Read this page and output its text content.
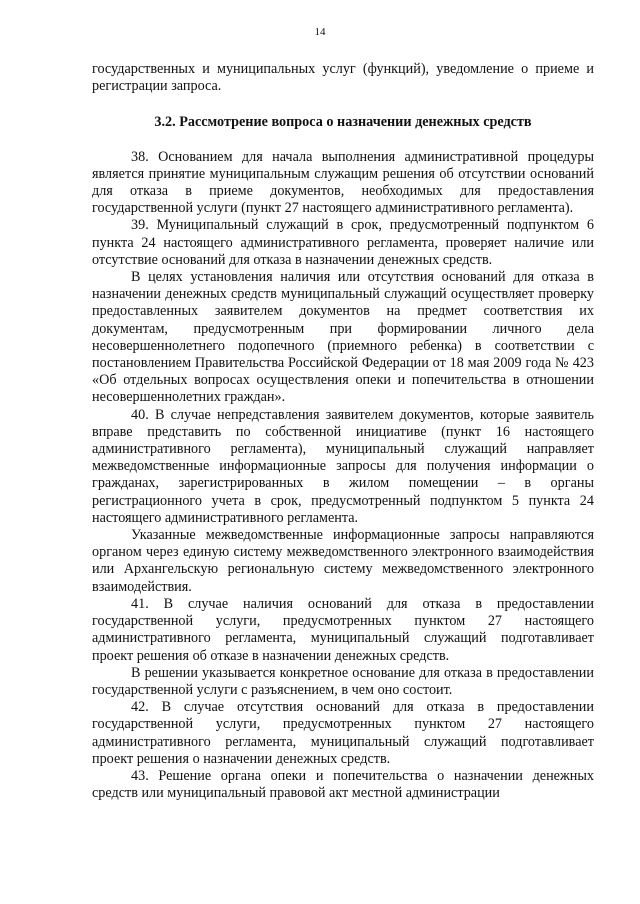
14

государственных и муниципальных услуг (функций), уведомление о приеме и регистрации запроса.

3.2. Рассмотрение вопроса о назначении денежных средств

38. Основанием для начала выполнения административной процедуры является принятие муниципальным служащим решения об отсутствии оснований для отказа в приеме документов, необходимых для предоставления государственной услуги (пункт 27 настоящего административного регламента).

39. Муниципальный служащий в срок, предусмотренный подпунктом 6 пункта 24 настоящего административного регламента, проверяет наличие или отсутствие оснований для отказа в назначении денежных средств.

В целях установления наличия или отсутствия оснований для отказа в назначении денежных средств муниципальный служащий осуществляет проверку предоставленных заявителем документов на предмет соответствия их документам, предусмотренным при формировании личного дела несовершеннолетнего подопечного (приемного ребенка) в соответствии с постановлением Правительства Российской Федерации от 18 мая 2009 года № 423 «Об отдельных вопросах осуществления опеки и попечительства в отношении несовершеннолетних граждан».

40. В случае непредставления заявителем документов, которые заявитель вправе представить по собственной инициативе (пункт 16 настоящего административного регламента), муниципальный служащий направляет межведомственные информационные запросы для получения информации о гражданах, зарегистрированных в жилом помещении – в органы регистрационного учета в срок, предусмотренный подпунктом 5 пункта 24 настоящего административного регламента.

Указанные межведомственные информационные запросы направляются органом через единую систему межведомственного электронного взаимодействия или Архангельскую региональную систему межведомственного электронного взаимодействия.

41. В случае наличия оснований для отказа в предоставлении государственной услуги, предусмотренных пунктом 27 настоящего административного регламента, муниципальный служащий подготавливает проект решения об отказе в назначении денежных средств.

В решении указывается конкретное основание для отказа в предоставлении государственной услуги с разъяснением, в чем оно состоит.

42. В случае отсутствия оснований для отказа в предоставлении государственной услуги, предусмотренных пунктом 27 настоящего административного регламента, муниципальный служащий подготавливает проект решения о назначении денежных средств.

43. Решение органа опеки и попечительства о назначении денежных средств или муниципальный правовой акт местной администрации
